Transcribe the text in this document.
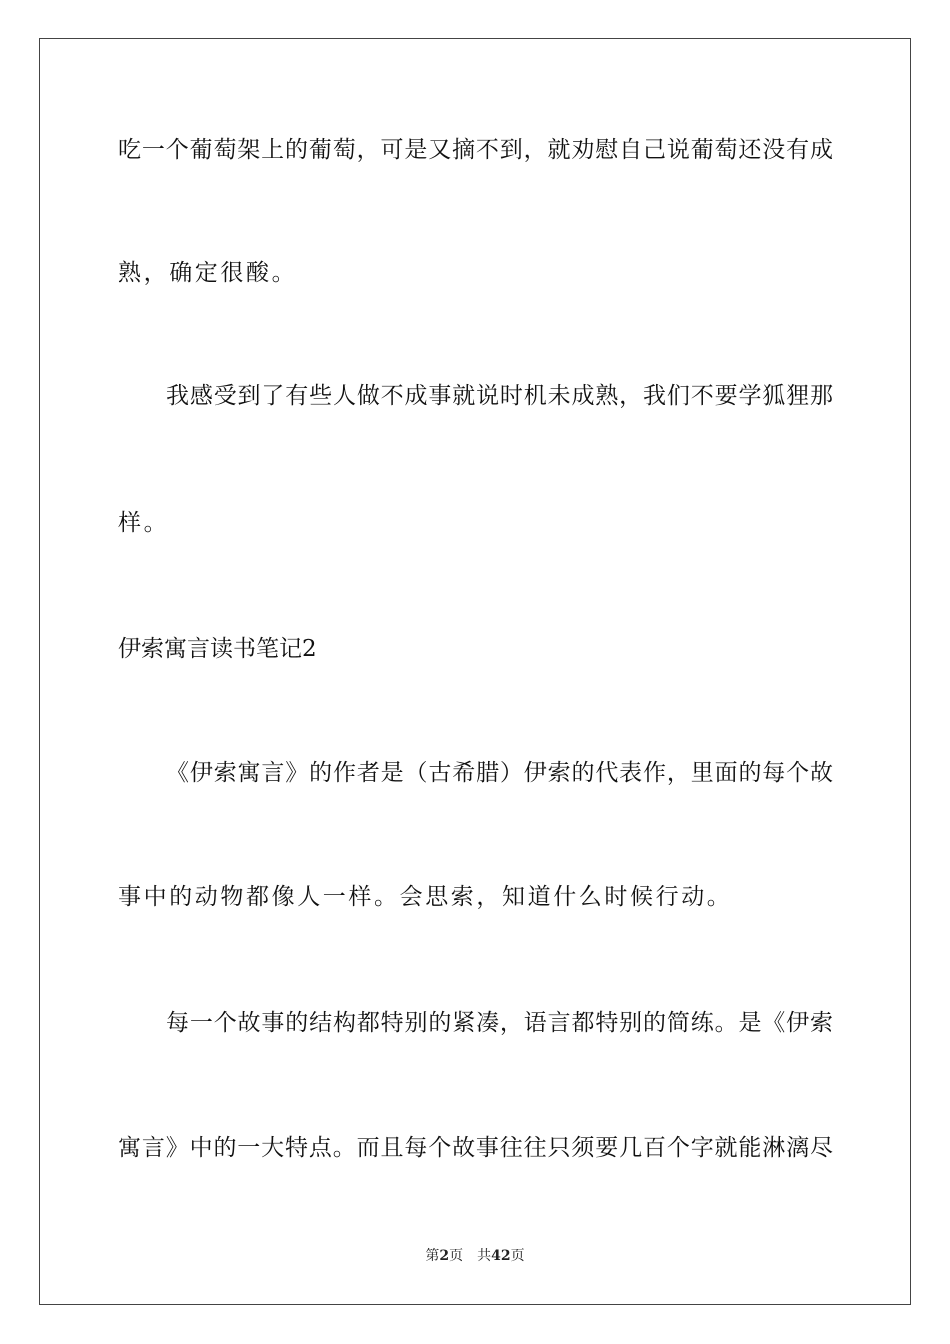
吃一个葡萄架上的葡萄，可是又摘不到，就劝慰自己说葡萄还没有成
熟，确定很酸。
我感受到了有些人做不成事就说时机未成熟，我们不要学狐狸那
样。
伊索寓言读书笔记2
《伊索寓言》的作者是（古希腊）伊索的代表作，里面的每个故
事中的动物都像人一样。会思索，知道什么时候行动。
每一个故事的结构都特别的紧凑，语言都特别的简练。是《伊索
寓言》中的一大特点。而且每个故事往往只须要几百个字就能淋漓尽
第2页 共42页
